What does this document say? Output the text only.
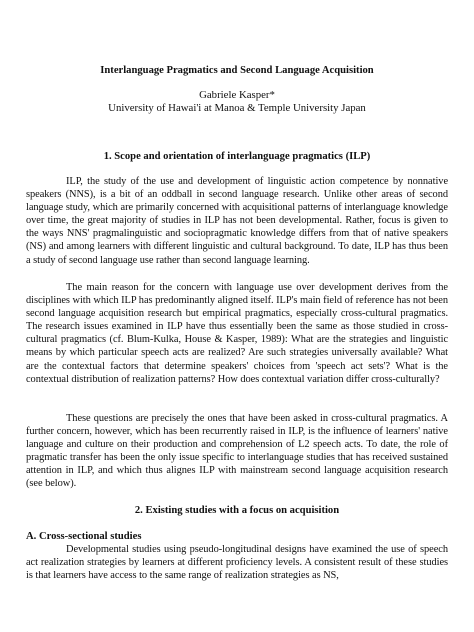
Interlanguage Pragmatics and Second Language Acquisition
Gabriele Kasper*
University of Hawai'i at Manoa & Temple University Japan
1. Scope and orientation of interlanguage pragmatics (ILP)

ILP, the study of the use and development of linguistic action competence by nonnative speakers (NNS), is a bit of an oddball in second language research. Unlike other areas of second language study, which are primarily concerned with acquisitional patterns of interlanguage knowledge over time, the great majority of studies in ILP has not been developmental. Rather, focus is given to the ways NNS' pragmalinguistic and sociopragmatic knowledge differs from that of native speakers (NS) and among learners with different linguistic and cultural background. To date, ILP has thus been a study of second language use rather than second language learning.

The main reason for the concern with language use over development derives from the disciplines with which ILP has predominantly aligned itself. ILP's main field of reference has not been second language acquisition research but empirical pragmatics, especially cross-cultural pragmatics. The research issues examined in ILP have thus essentially been the same as those studied in cross-cultural pragmatics (cf. Blum-Kulka, House & Kasper, 1989): What are the strategies and linguistic means by which particular speech acts are realized? Are such strategies universally available? What are the contextual factors that determine speakers' choices from 'speech act sets'? What is the contextual distribution of realization patterns? How does contextual variation differ cross-culturally?

These questions are precisely the ones that have been asked in cross-cultural pragmatics. A further concern, however, which has been recurrently raised in ILP, is the influence of learners' native language and culture on their production and comprehension of L2 speech acts. To date, the role of pragmatic transfer has been the only issue specific to interlanguage studies that has received sustained attention in ILP, and which thus alignes ILP with mainstream second language acquisition research (see below).

2. Existing studies with a focus on acquisition
A. Cross-sectional studies

Developmental studies using pseudo-longitudinal designs have examined the use of speech act realization strategies by learners at different proficiency levels. A consistent result of these studies is that learners have access to the same range of realization strategies as NS,
